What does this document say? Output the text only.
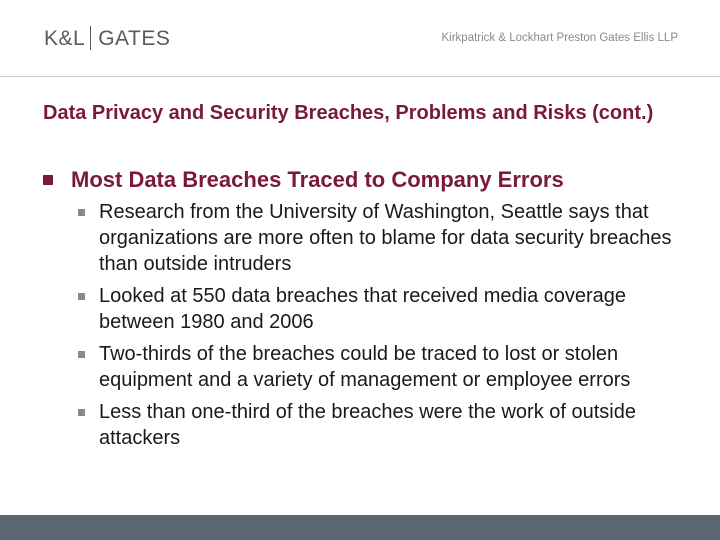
K&L GATES	Kirkpatrick & Lockhart Preston Gates Ellis LLP
Data Privacy and Security Breaches, Problems and Risks (cont.)
Most Data Breaches Traced to Company Errors
Research from the University of Washington, Seattle says that organizations are more often to blame for data security breaches than outside intruders
Looked at 550 data breaches that received media coverage between 1980 and 2006
Two-thirds of the breaches could be traced to lost or stolen equipment and a variety of management or employee errors
Less than one-third of the breaches were the work of outside attackers
